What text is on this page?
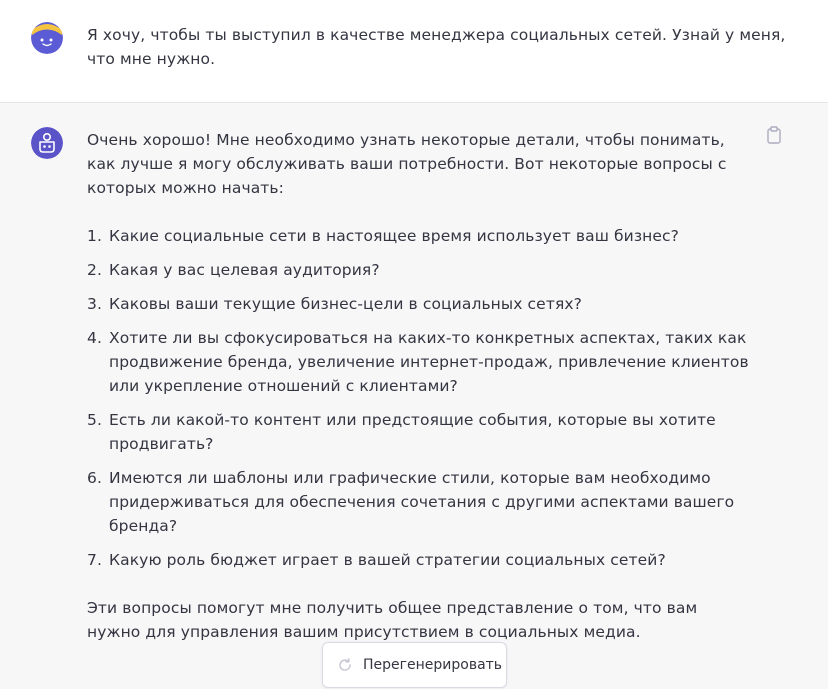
Я хочу, чтобы ты выступил в качестве менеджера социальных сетей. Узнай у меня, что мне нужно.
Очень хорошо! Мне необходимо узнать некоторые детали, чтобы понимать, как лучше я могу обслуживать ваши потребности. Вот некоторые вопросы с которых можно начать:
1. Какие социальные сети в настоящее время использует ваш бизнес?
2. Какая у вас целевая аудитория?
3. Каковы ваши текущие бизнес-цели в социальных сетях?
4. Хотите ли вы сфокусироваться на каких-то конкретных аспектах, таких как продвижение бренда, увеличение интернет-продаж, привлечение клиентов или укрепление отношений с клиентами?
5. Есть ли какой-то контент или предстоящие события, которые вы хотите продвигать?
6. Имеются ли шаблоны или графические стили, которые вам необходимо придерживаться для обеспечения сочетания с другими аспектами вашего бренда?
7. Какую роль бюджет играет в вашей стратегии социальных сетей?
Эти вопросы помогут мне получить общее представление о том, что вам нужно для управления вашим присутствием в социальных медиа.
Перегенерировать
